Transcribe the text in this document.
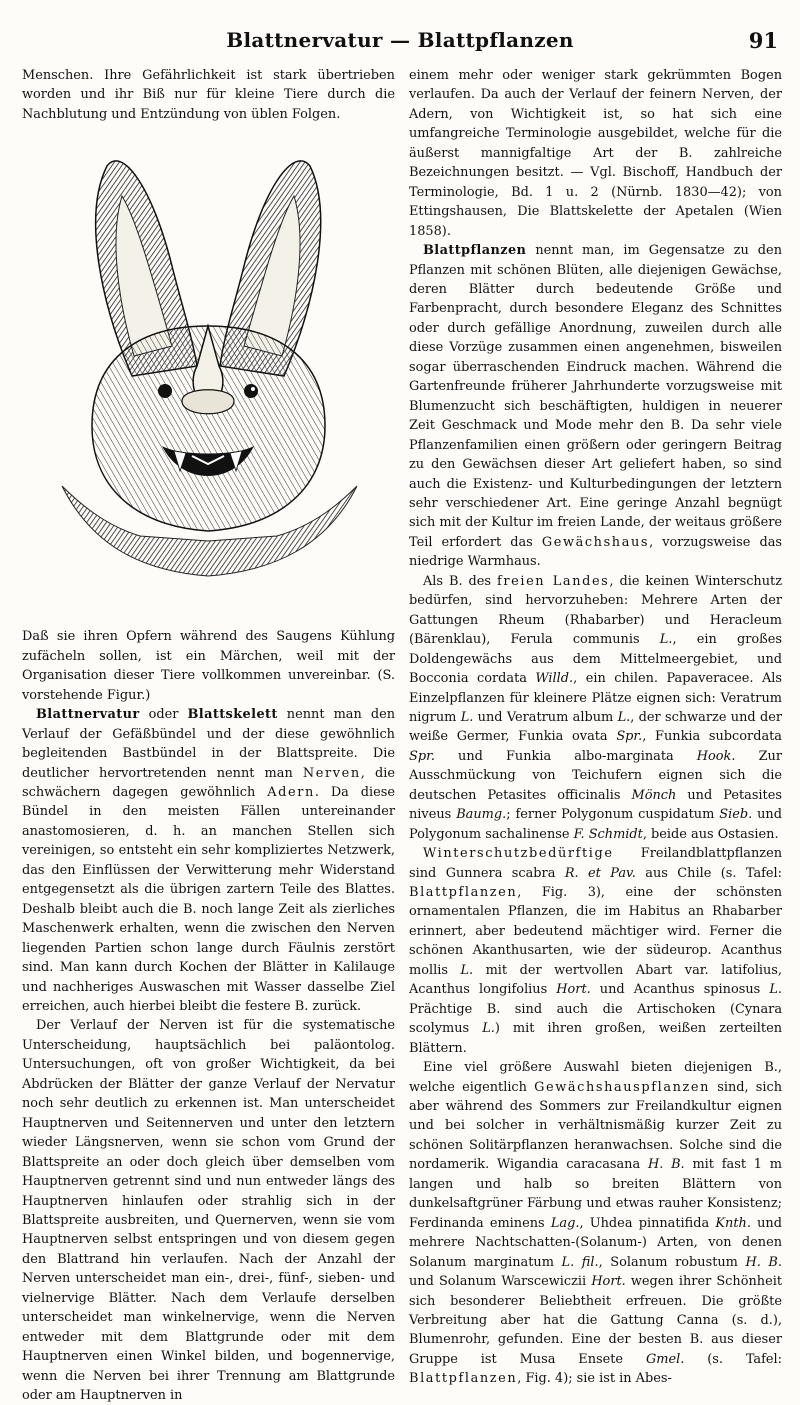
Blattnervatur — Blattpflanzen	91

Menschen. Ihre Gefährlichkeit ist stark übertrieben worden und ihr Biß nur für kleine Tiere durch die Nachblutung und Entzündung von üblen Folgen.

Daß sie ihren Opfern während des Saugens Kühlung zufächeln sollen, ist ein Märchen, weil mit der Organisation dieser Tiere vollkommen unvereinbar. (S. vorstehende Figur.)

Blattnervatur oder Blattskelett nennt man den Verlauf der Gefäßbündel und der diese gewöhnlich begleitenden Bastbündel in der Blattspreite. Die deutlicher hervortretenden nennt man Nerven, die schwächern dagegen gewöhnlich Adern. Da diese Bündel in den meisten Fällen untereinander anastomosieren, d. h. an manchen Stellen sich vereinigen, so entsteht ein sehr kompliziertes Netzwerk, das den Einflüssen der Verwitterung mehr Widerstand entgegensetzt als die übrigen zartern Teile des Blattes. Deshalb bleibt auch die B. noch lange Zeit als zierliches Maschenwerk erhalten, wenn die zwischen den Nerven liegenden Partien schon lange durch Fäulnis zerstört sind. Man kann durch Kochen der Blätter in Kalilauge und nachheriges Auswaschen mit Wasser dasselbe Ziel erreichen, auch hierbei bleibt die festere B. zurück.

Der Verlauf der Nerven ist für die systematische Unterscheidung, hauptsächlich bei paläontolog. Untersuchungen, oft von großer Wichtigkeit, da bei Abdrücken der Blätter der ganze Verlauf der Nervatur noch sehr deutlich zu erkennen ist. Man unterscheidet Hauptnerven und Seitennerven und unter den letztern wieder Längsnerven, wenn sie schon vom Grund der Blattspreite an oder doch gleich über demselben vom Hauptnerven getrennt sind und nun entweder längs des Hauptnerven hinlaufen oder strahlig sich in der Blattspreite ausbreiten, und Quernerven, wenn sie vom Hauptnerven selbst entspringen und von diesem gegen den Blattrand hin verlaufen. Nach der Anzahl der Nerven unterscheidet man ein-, drei-, fünf-, sieben- und vielnervige Blätter. Nach dem Verlaufe derselben unterscheidet man winkelnervige, wenn die Nerven entweder mit dem Blattgrunde oder mit dem Hauptnerven einen Winkel bilden, und bogennervige, wenn die Nerven bei ihrer Trennung am Blattgrunde oder am Hauptnerven in

einem mehr oder weniger stark gekrümmten Bogen verlaufen. Da auch der Verlauf der feinern Nerven, der Adern, von Wichtigkeit ist, so hat sich eine umfangreiche Terminologie ausgebildet, welche für die äußerst mannigfaltige Art der B. zahlreiche Bezeichnungen besitzt. — Vgl. Bischoff, Handbuch der Terminologie, Bd. 1 u. 2 (Nürnb. 1830—42); von Ettingshausen, Die Blattskelette der Apetalen (Wien 1858).

Blattpflanzen nennt man, im Gegensatze zu den Pflanzen mit schönen Blüten, alle diejenigen Gewächse, deren Blätter durch bedeutende Größe und Farbenpracht, durch besondere Eleganz des Schnittes oder durch gefällige Anordnung, zuweilen durch alle diese Vorzüge zusammen einen angenehmen, bisweilen sogar überraschenden Eindruck machen. Während die Gartenfreunde früherer Jahrhunderte vorzugsweise mit Blumenzucht sich beschäftigten, huldigen in neuerer Zeit Geschmack und Mode mehr den B. Da sehr viele Pflanzenfamilien einen größern oder geringern Beitrag zu den Gewächsen dieser Art geliefert haben, so sind auch die Existenz- und Kulturbedingungen der letztern sehr verschiedener Art. Eine geringe Anzahl begnügt sich mit der Kultur im freien Lande, der weitaus größere Teil erfordert das Gewächshaus, vorzugsweise das niedrige Warmhaus.

Als B. des freien Landes, die keinen Winterschutz bedürfen, sind hervorzuheben: Mehrere Arten der Gattungen Rheum (Rhabarber) und Heracleum (Bärenklau), Ferula communis L., ein großes Doldengewächs aus dem Mittelmeergebiet, und Bocconia cordata Willd., ein chilen. Papaveracee. Als Einzelpflanzen für kleinere Plätze eignen sich: Veratrum nigrum L. und Veratrum album L., der schwarze und der weiße Germer, Funkia ovata Spr., Funkia subcordata Spr. und Funkia albo-marginata Hook. Zur Ausschmückung von Teichufern eignen sich die deutschen Petasites officinalis Mönch und Petasites niveus Baumg.; ferner Polygonum cuspidatum Sieb. und Polygonum sachalinense F. Schmidt, beide aus Ostasien.

Winterschutzbedürftige Freilandblattpflanzen sind Gunnera scabra R. et Pav. aus Chile (s. Tafel: Blattpflanzen, Fig. 3), eine der schönsten ornamentalen Pflanzen, die im Habitus an Rhabarber erinnert, aber bedeutend mächtiger wird. Ferner die schönen Akanthusarten, wie der südeurop. Acanthus mollis L. mit der wertvollen Abart var. latifolius, Acanthus longifolius Hort. und Acanthus spinosus L. Prächtige B. sind auch die Artischoken (Cynara scolymus L.) mit ihren großen, weißen zerteilten Blättern.

Eine viel größere Auswahl bieten diejenigen B., welche eigentlich Gewächshauspflanzen sind, sich aber während des Sommers zur Freilandkultur eignen und bei solcher in verhältnismäßig kurzer Zeit zu schönen Solitärpflanzen heranwachsen. Solche sind die nordamerik. Wigandia caracasana H. B. mit fast 1 m langen und halb so breiten Blättern von dunkelsaftgrüner Färbung und etwas rauher Konsistenz; Ferdinanda eminens Lag., Uhdea pinnatifida Knth. und mehrere Nachtschatten-(Solanum-) Arten, von denen Solanum marginatum L. fil., Solanum robustum H. B. und Solanum Warscewiczii Hort. wegen ihrer Schönheit sich besonderer Beliebtheit erfreuen. Die größte Verbreitung aber hat die Gattung Canna (s. d.), Blumenrohr, gefunden. Eine der besten B. aus dieser Gruppe ist Musa Ensete Gmel. (s. Tafel: Blattpflanzen, Fig. 4); sie ist in Abes-
